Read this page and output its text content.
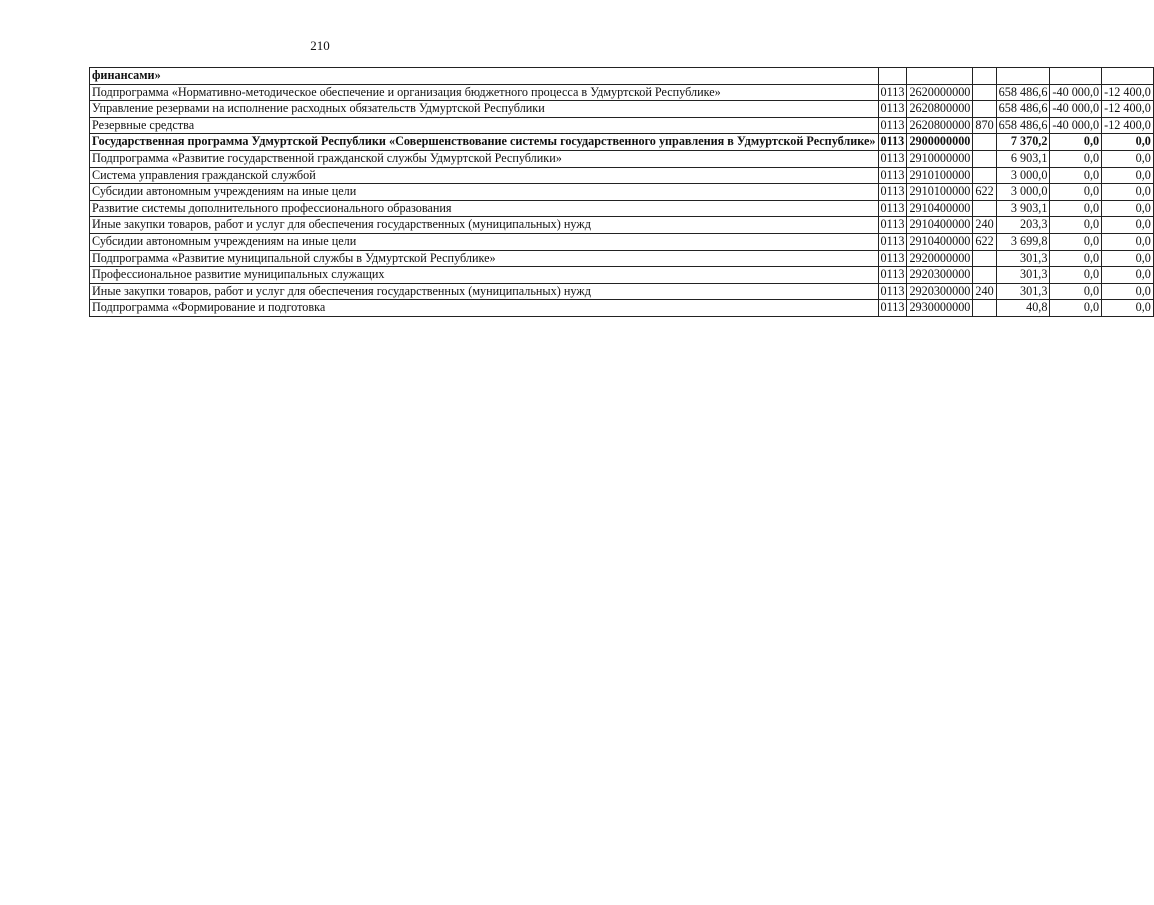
210
финансами»						
Подпрограмма «Нормативно-методическое обеспечение и организация бюджетного процесса в Удмуртской Республике»	0113	2620000000		658 486,6	-40 000,0	-12 400,0
Управление резервами на исполнение расходных обязательств Удмуртской Республики	0113	2620800000		658 486,6	-40 000,0	-12 400,0
Резервные средства	0113	2620800000	870	658 486,6	-40 000,0	-12 400,0
Государственная программа Удмуртской Республики «Совершенствование системы государственного управления в Удмуртской Республике»	0113	2900000000		7 370,2	0,0	0,0
Подпрограмма «Развитие государственной гражданской службы Удмуртской Республики»	0113	2910000000		6 903,1	0,0	0,0
Система управления гражданской службой	0113	2910100000		3 000,0	0,0	0,0
Субсидии автономным учреждениям на иные цели	0113	2910100000	622	3 000,0	0,0	0,0
Развитие системы дополнительного профессионального образования	0113	2910400000		3 903,1	0,0	0,0
Иные закупки товаров, работ и услуг для обеспечения государственных (муниципальных) нужд	0113	2910400000	240	203,3	0,0	0,0
Субсидии автономным учреждениям на иные цели	0113	2910400000	622	3 699,8	0,0	0,0
Подпрограмма «Развитие муниципальной службы в Удмуртской Республике»	0113	2920000000		301,3	0,0	0,0
Профессиональное развитие муниципальных служащих	0113	2920300000		301,3	0,0	0,0
Иные закупки товаров, работ и услуг для обеспечения государственных (муниципальных) нужд	0113	2920300000	240	301,3	0,0	0,0
Подпрограмма «Формирование и подготовка	0113	2930000000		40,8	0,0	0,0
